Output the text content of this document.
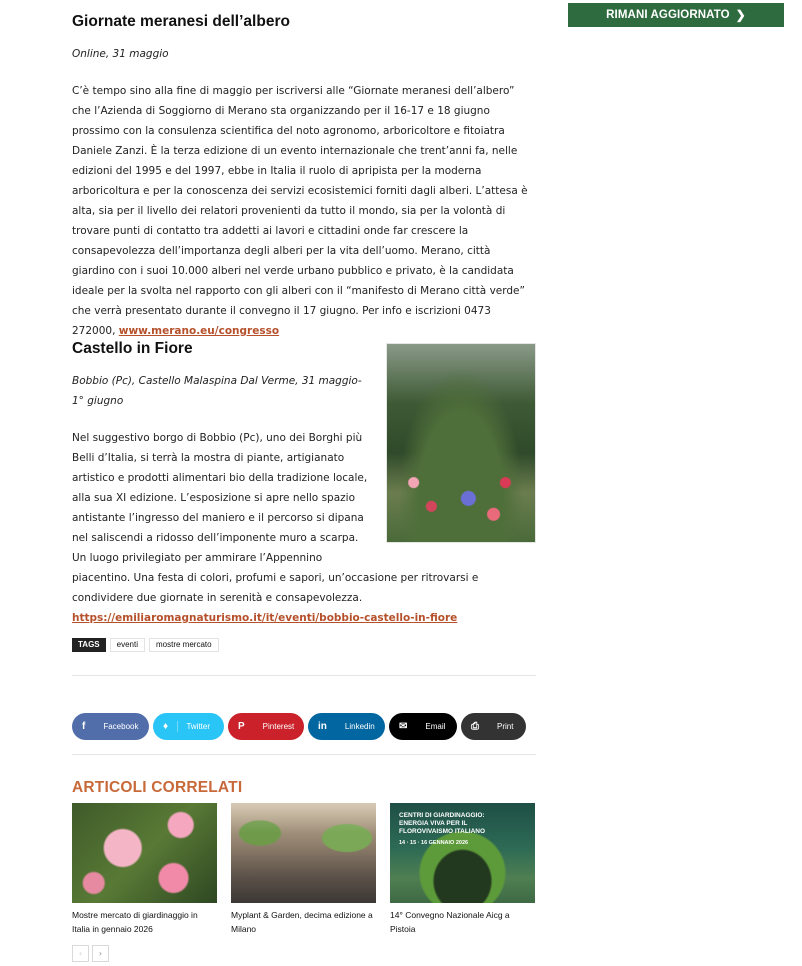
RIMANI AGGIORNATO ❯
Giornate meranesi dell’albero
Online, 31 maggio

C’è tempo sino alla fine di maggio per iscriversi alle “Giornate meranesi dell’albero” che l’Azienda di Soggiorno di Merano sta organizzando per il 16-17 e 18 giugno prossimo con la consulenza scientifica del noto agronomo, arboricoltore e fitoiatra Daniele Zanzi. È la terza edizione di un evento internazionale che trent’anni fa, nelle edizioni del 1995 e del 1997, ebbe in Italia il ruolo di apripista per la moderna arboricoltura e per la conoscenza dei servizi ecosistemici forniti dagli alberi. L’attesa è alta, sia per il livello dei relatori provenienti da tutto il mondo, sia per la volontà di trovare punti di contatto tra addetti ai lavori e cittadini onde far crescere la consapevolezza dell’importanza degli alberi per la vita dell’uomo. Merano, città giardino con i suoi 10.000 alberi nel verde urbano pubblico e privato, è la candidata ideale per la svolta nel rapporto con gli alberi con il “manifesto di Merano città verde” che verrà presentato durante il convegno il 17 giugno. Per info e iscrizioni 0473 272000, www.merano.eu/congresso

Castello in Fiore
Bobbio (Pc), Castello Malaspina Dal Verme, 31 maggio-1° giugno
Nel suggestivo borgo di Bobbio (Pc), uno dei Borghi più Belli d’Italia, si terrà la mostra di piante, artigianato artistico e prodotti alimentari bio della tradizione locale, alla sua XI edizione. L’esposizione si apre nello spazio antistante l’ingresso del maniero e il percorso si dipana nel saliscendi a ridosso dell’imponente muro a scarpa. Un luogo privilegiato per ammirare l’Appennino piacentino. Una festa di colori, profumi e sapori, un’occasione per ritrovarsi e condividere due giornate in serenità e consapevolezza. https://emiliaromagnaturismo.it/it/eventi/bobbio-castello-in-fiore
TAGS	eventi	mostre mercato
f Facebook ♦ Twitter	P Pinterest in Linkedin ✉ Email	⎙ Print
ARTICOLI CORRELATI
Mostre mercato di giardinaggio in Italia in gennaio 2026
Myplant & Garden, decima edizione a Milano
CENTRI DI GIARDINAGGIO: ENERGIA VIVA PER IL FLOROVIVAISMO ITALIANO
14 · 15 · 16 GENNAIO 2026
14° Convegno Nazionale Aicg a Pistoia
‹	›
